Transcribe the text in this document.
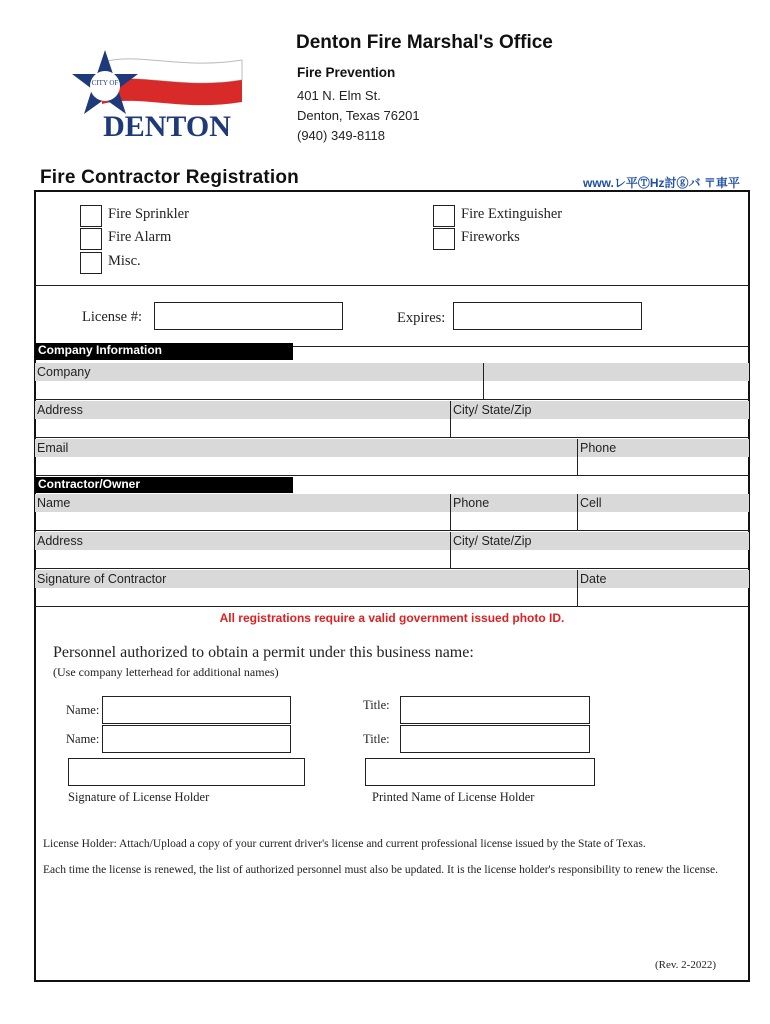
CITY OF
DENTON
Denton Fire Marshal's Office
Fire Prevention
401 N. Elm St.
Denton, Texas 76201
(940) 349-8118
Fire Contractor Registration	www.レ平ⓉHz討ⓖバ 〒車平
Fire Sprinkler
Fire Alarm
Misc.
Fire Extinguisher
Fireworks
License #:	Expires:
Company Information
Company
Address	City/ State/Zip
Email	Phone
Contractor/Owner
Name	Phone	Cell
Address	City/ State/Zip
Signature of Contractor	Date
All registrations require a valid government issued photo ID.
Personnel authorized to obtain a permit under this business name:
(Use company letterhead for additional names)
Name:	Title:
Name:	Title:
Signature of License Holder	Printed Name of License Holder
License Holder: Attach/Upload a copy of your current driver's license and current professional license issued by the State of Texas.
Each time the license is renewed, the list of authorized personnel must also be updated. It is the license holder's responsibility to renew the license.
(Rev. 2-2022)
